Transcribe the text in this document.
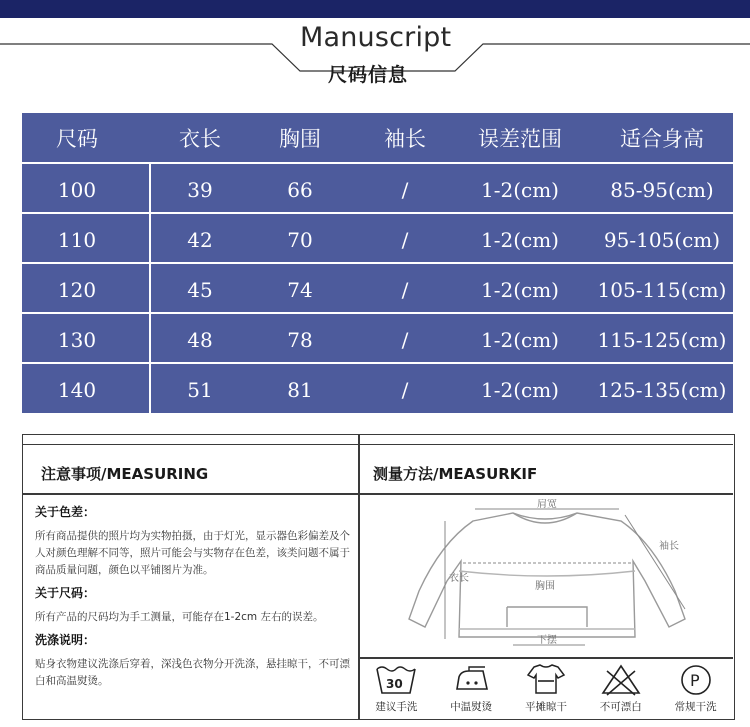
Manuscript
尺码信息
尺码	衣长	胸围	袖长	误差范围	适合身高
100	39	66	/	1-2(cm)	85-95(cm)
110	42	70	/	1-2(cm)	95-105(cm)
120	45	74	/	1-2(cm)	105-115(cm)
130	48	78	/	1-2(cm)	115-125(cm)
140	51	81	/	1-2(cm)	125-135(cm)
注意事项/MEASURING	测量方法/MEASURKIF
关于色差：
所有商品提供的照片均为实物拍摄，由于灯光，显示器色彩偏差及个人对颜色理解不同等，照片可能会与实物存在色差，该类问题不属于商品质量问题，颜色以平铺图片为准。
关于尺码：
所有产品的尺码均为手工测量，可能存在1-2cm 左右的误差。
洗涤说明：
贴身衣物建议洗涤后穿着，深浅色衣物分开洗涤，悬挂晾干，不可漂白和高温熨烫。
肩宽
袖长
衣长
胸围
下摆
30
建议手洗	中温熨烫	平摊晾干	不可漂白
P
常规干洗
